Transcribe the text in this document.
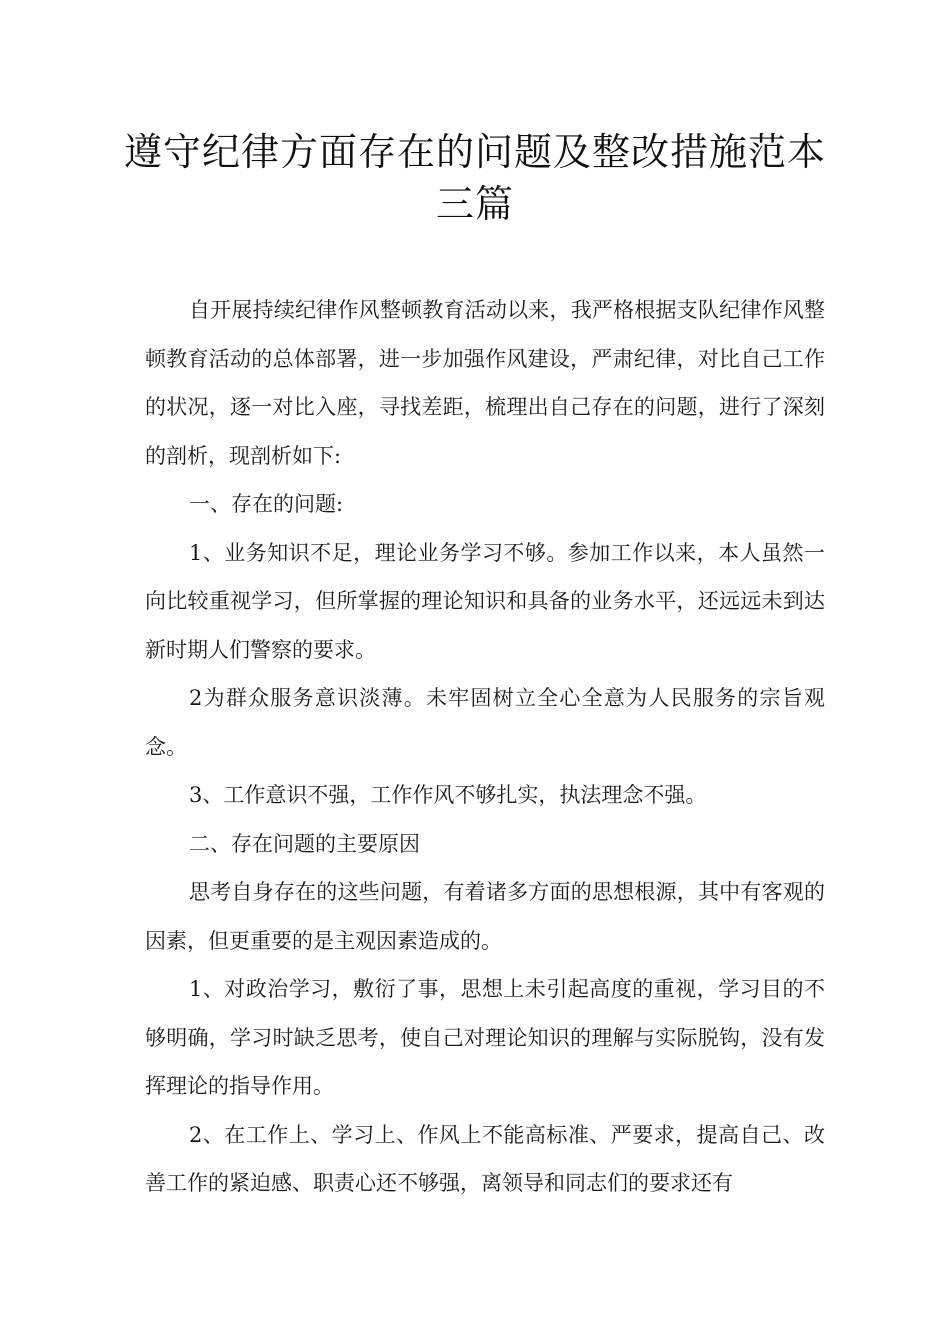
遵守纪律方面存在的问题及整改措施范本三篇

自开展持续纪律作风整顿教育活动以来，我严格根据支队纪律作风整顿教育活动的总体部署，进一步加强作风建设，严肃纪律，对比自己工作的状况，逐一对比入座，寻找差距，梳理出自己存在的问题，进行了深刻的剖析，现剖析如下:

一、存在的问题:

1、业务知识不足，理论业务学习不够。参加工作以来，本人虽然一向比较重视学习，但所掌握的理论知识和具备的业务水平，还远远未到达新时期人们警察的要求。

2为群众服务意识淡薄。未牢固树立全心全意为人民服务的宗旨观念。

3、工作意识不强，工作作风不够扎实，执法理念不强。

二、存在问题的主要原因

思考自身存在的这些问题，有着诸多方面的思想根源，其中有客观的因素，但更重要的是主观因素造成的。

1、对政治学习，敷衍了事，思想上未引起高度的重视，学习目的不够明确，学习时缺乏思考，使自己对理论知识的理解与实际脱钩，没有发挥理论的指导作用。

2、在工作上、学习上、作风上不能高标准、严要求，提高自己、改善工作的紧迫感、职责心还不够强，离领导和同志们的要求还有
